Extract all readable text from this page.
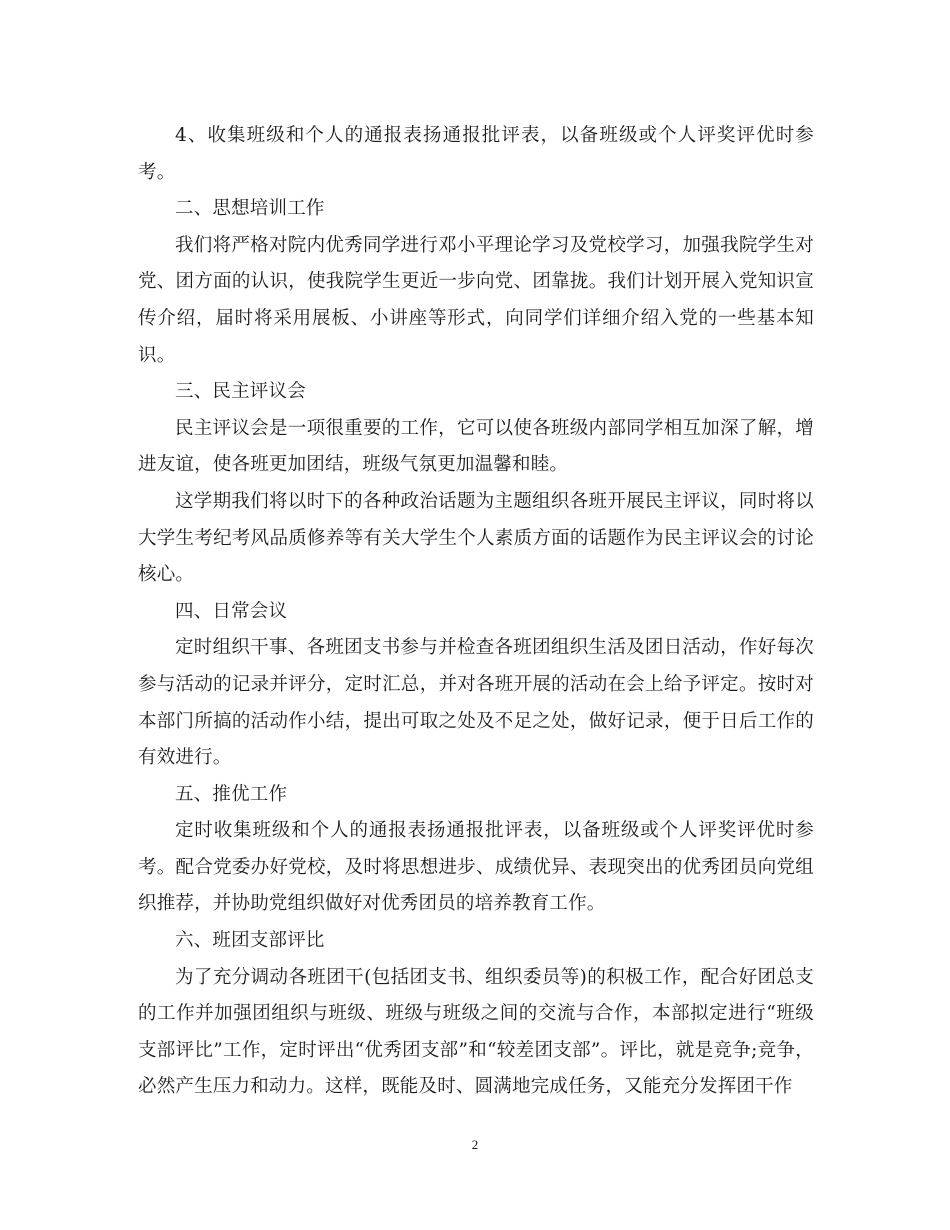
4、收集班级和个人的通报表扬通报批评表，以备班级或个人评奖评优时参考。

二、思想培训工作

我们将严格对院内优秀同学进行邓小平理论学习及党校学习，加强我院学生对党、团方面的认识，使我院学生更近一步向党、团靠拢。我们计划开展入党知识宣传介绍，届时将采用展板、小讲座等形式，向同学们详细介绍入党的一些基本知识。

三、民主评议会

民主评议会是一项很重要的工作，它可以使各班级内部同学相互加深了解，增进友谊，使各班更加团结，班级气氛更加温馨和睦。

这学期我们将以时下的各种政治话题为主题组织各班开展民主评议，同时将以大学生考纪考风品质修养等有关大学生个人素质方面的话题作为民主评议会的讨论核心。

四、日常会议

定时组织干事、各班团支书参与并检查各班团组织生活及团日活动，作好每次参与活动的记录并评分，定时汇总，并对各班开展的活动在会上给予评定。按时对本部门所搞的活动作小结，提出可取之处及不足之处，做好记录，便于日后工作的有效进行。

五、推优工作

定时收集班级和个人的通报表扬通报批评表，以备班级或个人评奖评优时参考。配合党委办好党校，及时将思想进步、成绩优异、表现突出的优秀团员向党组织推荐，并协助党组织做好对优秀团员的培养教育工作。

六、班团支部评比

为了充分调动各班团干(包括团支书、组织委员等)的积极工作，配合好团总支的工作并加强团组织与班级、班级与班级之间的交流与合作，本部拟定进行“班级支部评比”工作，定时评出“优秀团支部”和“较差团支部”。评比，就是竞争;竞争，必然产生压力和动力。这样，既能及时、圆满地完成任务，又能充分发挥团干作

2
